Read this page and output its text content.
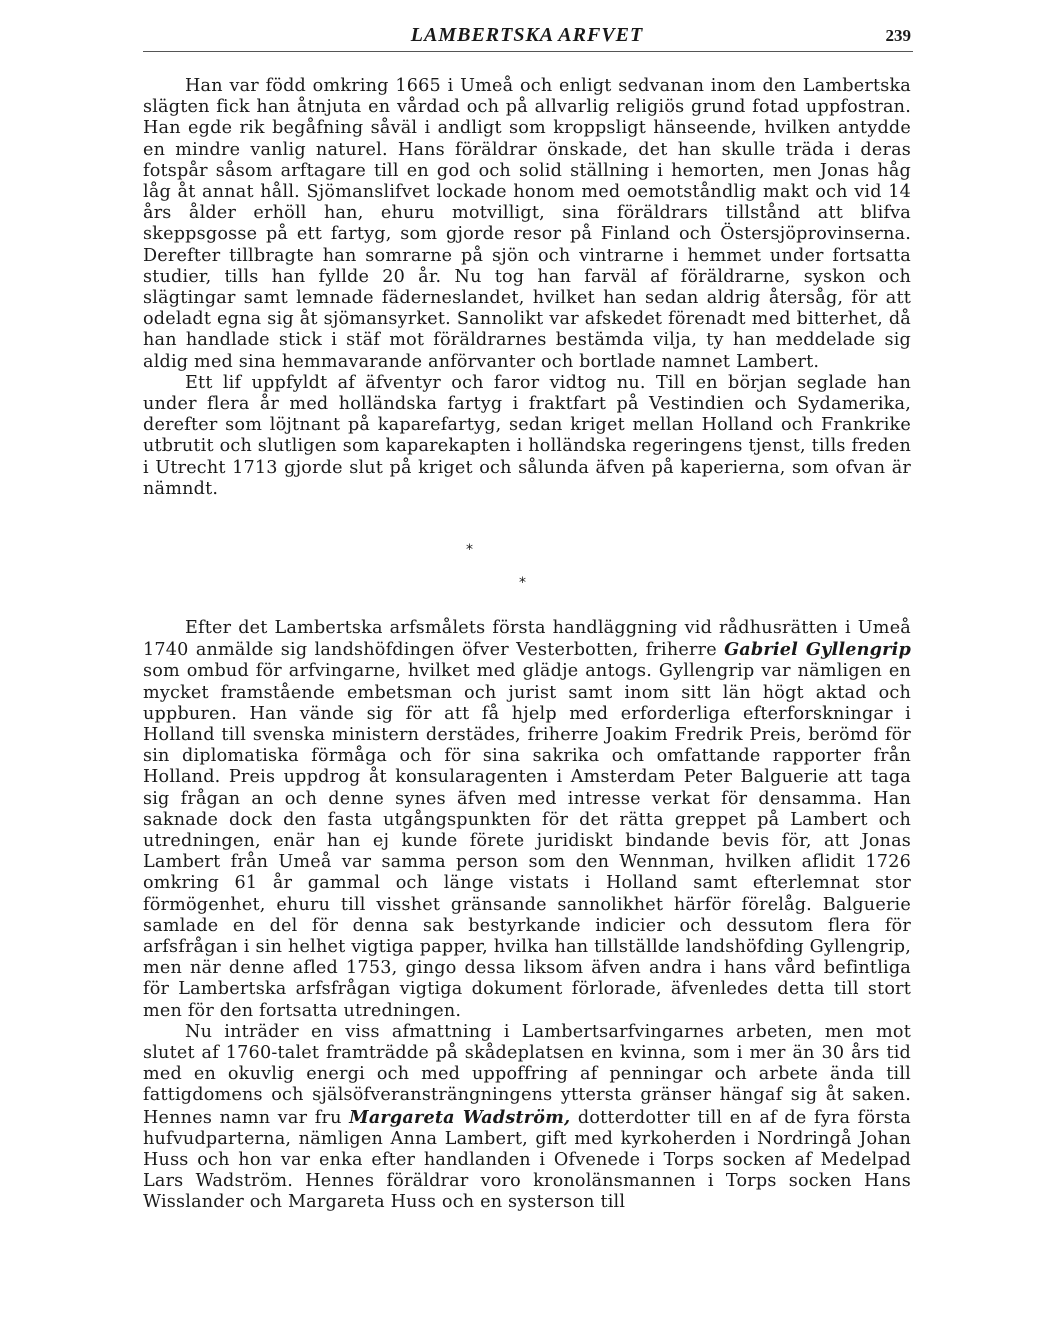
LAMBERTSKA ARFVET	239

Han var född omkring 1665 i Umeå och enligt sedvanan inom den Lambertska slägten fick han åtnjuta en vårdad och på allvarlig religiös grund fotad uppfostran. Han egde rik begåfning såväl i andligt som kroppsligt hänseende, hvilken antydde en mindre vanlig naturel. Hans föräldrar önskade, det han skulle träda i deras fotspår såsom arftagare till en god och solid ställning i hemorten, men Jonas håg låg åt annat håll. Sjömanslifvet lockade honom med oemotståndlig makt och vid 14 års ålder erhöll han, ehuru motvilligt, sina föräldrars tillstånd att blifva skeppsgosse på ett fartyg, som gjorde resor på Finland och Östersjöprovinserna. Derefter tillbragte han somrarne på sjön och vintrarne i hemmet under fortsatta studier, tills han fyllde 20 år. Nu tog han farväl af föräldrarne, syskon och slägtingar samt lemnade fäderneslandet, hvilket han sedan aldrig återsåg, för att odeladt egna sig åt sjömansyrket. Sannolikt var afskedet förenadt med bitterhet, då han handlade stick i stäf mot föräldrarnes bestämda vilja, ty han meddelade sig aldig med sina hemmavarande anförvanter och bortlade namnet Lambert.

Ett lif uppfyldt af äfventyr och faror vidtog nu. Till en början seglade han under flera år med holländska fartyg i fraktfart på Vestindien och Sydamerika, derefter som löjtnant på kaparefartyg, sedan kriget mellan Holland och Frankrike utbrutit och slutligen som kaparekapten i holländska regeringens tjenst, tills freden i Utrecht 1713 gjorde slut på kriget och sålunda äfven på kaperierna, som ofvan är nämndt.

*
*

Efter det Lambertska arfsmålets första handläggning vid rådhusrätten i Umeå 1740 anmälde sig landshöfdingen öfver Vesterbotten, friherre Gabriel Gyllengrip som ombud för arfvingarne, hvilket med glädje antogs. Gyllengrip var nämligen en mycket framstående embetsman och jurist samt inom sitt län högt aktad och uppburen. Han vände sig för att få hjelp med erforderliga efterforskningar i Holland till svenska ministern derstädes, friherre Joakim Fredrik Preis, berömd för sin diplomatiska förmåga och för sina sakrika och omfattande rapporter från Holland. Preis uppdrog åt konsularagenten i Amsterdam Peter Balguerie att taga sig frågan an och denne synes äfven med intresse verkat för densamma. Han saknade dock den fasta utgångspunkten för det rätta greppet på Lambert och utredningen, enär han ej kunde förete juridiskt bindande bevis för, att Jonas Lambert från Umeå var samma person som den Wennman, hvilken aflidit 1726 omkring 61 år gammal och länge vistats i Holland samt efterlemnat stor förmögenhet, ehuru till visshet gränsande sannolikhet härför förelåg. Balguerie samlade en del för denna sak bestyrkande indicier och dessutom flera för arfsfrågan i sin helhet vigtiga papper, hvilka han tillställde landshöfding Gyllengrip, men när denne afled 1753, gingo dessa liksom äfven andra i hans vård befintliga för Lambertska arfsfrågan vigtiga dokument förlorade, äfvenledes detta till stort men för den fortsatta utredningen.

Nu inträder en viss afmattning i Lambertsarfvingarnes arbeten, men mot slutet af 1760-talet framträdde på skådeplatsen en kvinna, som i mer än 30 års tid med en okuvlig energi och med uppoffring af penningar och arbete ända till fattigdomens och själsöfveransträngningens yttersta gränser hängaf sig åt saken. Hennes namn var fru Margareta Wadström, dotterdotter till en af de fyra första hufvudparterna, nämligen Anna Lambert, gift med kyrkoherden i Nordringå Johan Huss och hon var enka efter handlanden i Ofvenede i Torps socken af Medelpad Lars Wadström. Hennes föräldrar voro kronolänsmannen i Torps socken Hans Wisslander och Margareta Huss och en systerson till
